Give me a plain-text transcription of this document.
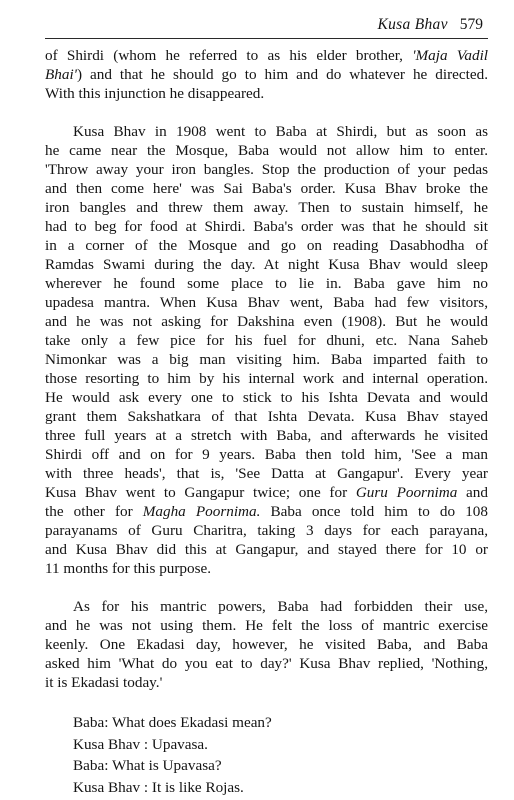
Kusa Bhav 579
of Shirdi (whom he referred to as his elder brother, 'Maja Vadil
Bhai') and that he should go to him and do whatever he directed.
With this injunction he disappeared.
Kusa Bhav in 1908 went to Baba at Shirdi, but as soon as
he came near the Mosque, Baba would not allow him to enter.
'Throw away your iron bangles. Stop the production of your pedas
and then come here' was Sai Baba's order. Kusa Bhav broke the
iron bangles and threw them away. Then to sustain himself, he
had to beg for food at Shirdi. Baba's order was that he should sit
in a corner of the Mosque and go on reading Dasabhodha of
Ramdas Swami during the day. At night Kusa Bhav would sleep
wherever he found some place to lie in. Baba gave him no
upadesa mantra. When Kusa Bhav went, Baba had few visitors,
and he was not asking for Dakshina even (1908). But he would
take only a few pice for his fuel for dhuni, etc. Nana Saheb
Nimonkar was a big man visiting him. Baba imparted faith to
those resorting to him by his internal work and internal operation.
He would ask every one to stick to his Ishta Devata and would
grant them Sakshatkara of that Ishta Devata. Kusa Bhav stayed
three full years at a stretch with Baba, and afterwards he visited
Shirdi off and on for 9 years. Baba then told him, 'See a man
with three heads', that is, 'See Datta at Gangapur'. Every year
Kusa Bhav went to Gangapur twice; one for Guru Poornima and
the other for Magha Poornima. Baba once told him to do 108
parayanams of Guru Charitra, taking 3 days for each parayana,
and Kusa Bhav did this at Gangapur, and stayed there for 10 or
11 months for this purpose.
As for his mantric powers, Baba had forbidden their use,
and he was not using them. He felt the loss of mantric exercise
keenly. One Ekadasi day, however, he visited Baba, and Baba
asked him 'What do you eat to day?' Kusa Bhav replied, 'Nothing,
it is Ekadasi today.'
Baba: What does Ekadasi mean?
Kusa Bhav : Upavasa.
Baba: What is Upavasa?
Kusa Bhav : It is like Rojas.
